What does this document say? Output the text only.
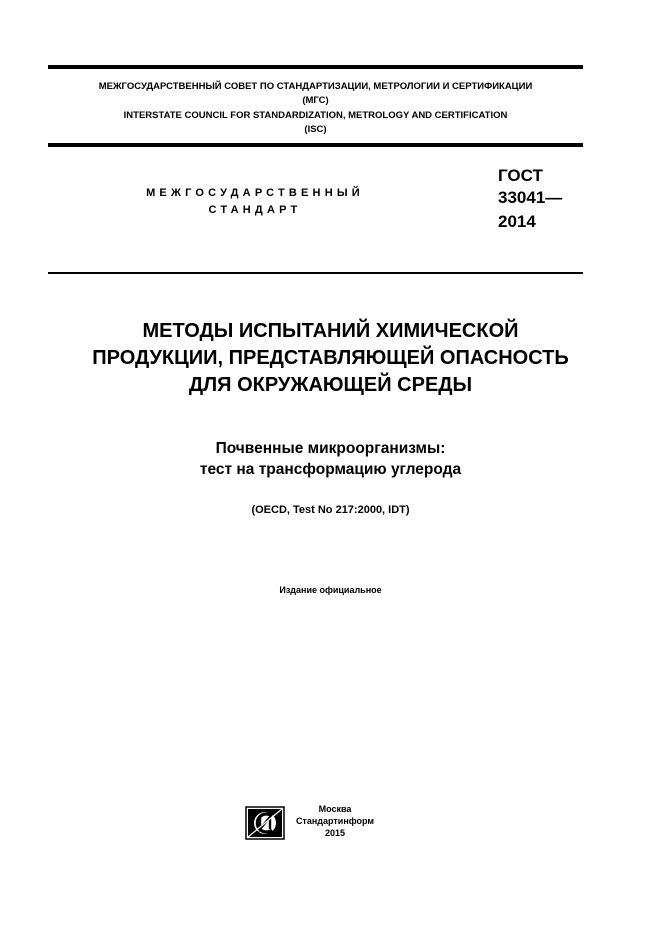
МЕЖГОСУДАРСТВЕННЫЙ СОВЕТ ПО СТАНДАРТИЗАЦИИ, МЕТРОЛОГИИ И СЕРТИФИКАЦИИ
(МГС)
INTERSTATE COUNCIL FOR STANDARDIZATION, METROLOGY AND CERTIFICATION
(ISC)
МЕЖГОСУДАРСТВЕННЫЙ
СТАНДАРТ
ГОСТ
33041—
2014
МЕТОДЫ ИСПЫТАНИЙ ХИМИЧЕСКОЙ
ПРОДУКЦИИ, ПРЕДСТАВЛЯЮЩЕЙ ОПАСНОСТЬ
ДЛЯ ОКРУЖАЮЩЕЙ СРЕДЫ
Почвенные микроорганизмы:
тест на трансформацию углерода
(OECD, Test No 217:2000, IDT)
Издание официальное
Москва
Стандартинформ
2015
